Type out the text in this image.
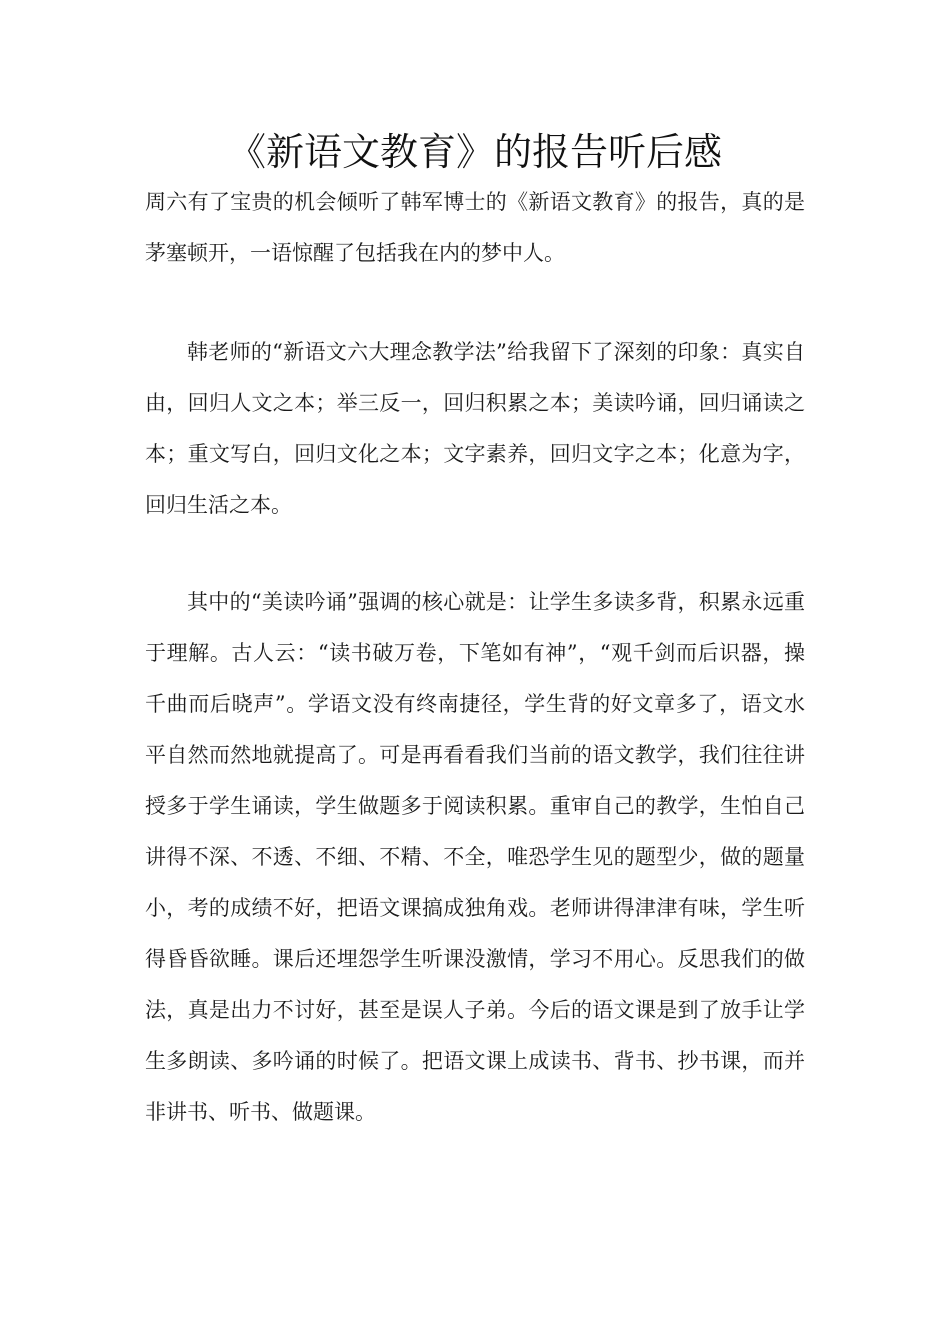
《新语文教育》的报告听后感

周六有了宝贵的机会倾听了韩军博士的《新语文教育》的报告，真的是茅塞顿开，一语惊醒了包括我在内的梦中人。

韩老师的“新语文六大理念教学法”给我留下了深刻的印象：真实自由，回归人文之本；举三反一，回归积累之本；美读吟诵，回归诵读之本；重文写白，回归文化之本；文字素养，回归文字之本；化意为字，回归生活之本。

其中的“美读吟诵”强调的核心就是：让学生多读多背，积累永远重于理解。古人云：“读书破万卷，下笔如有神”，“观千剑而后识器，操千曲而后晓声”。学语文没有终南捷径，学生背的好文章多了，语文水平自然而然地就提高了。可是再看看我们当前的语文教学，我们往往讲授多于学生诵读，学生做题多于阅读积累。重审自己的教学，生怕自己讲得不深、不透、不细、不精、不全，唯恐学生见的题型少，做的题量小，考的成绩不好，把语文课搞成独角戏。老师讲得津津有味，学生听得昏昏欲睡。课后还埋怨学生听课没激情，学习不用心。反思我们的做法，真是出力不讨好，甚至是误人子弟。今后的语文课是到了放手让学生多朗读、多吟诵的时候了。把语文课上成读书、背书、抄书课，而并非讲书、听书、做题课。
